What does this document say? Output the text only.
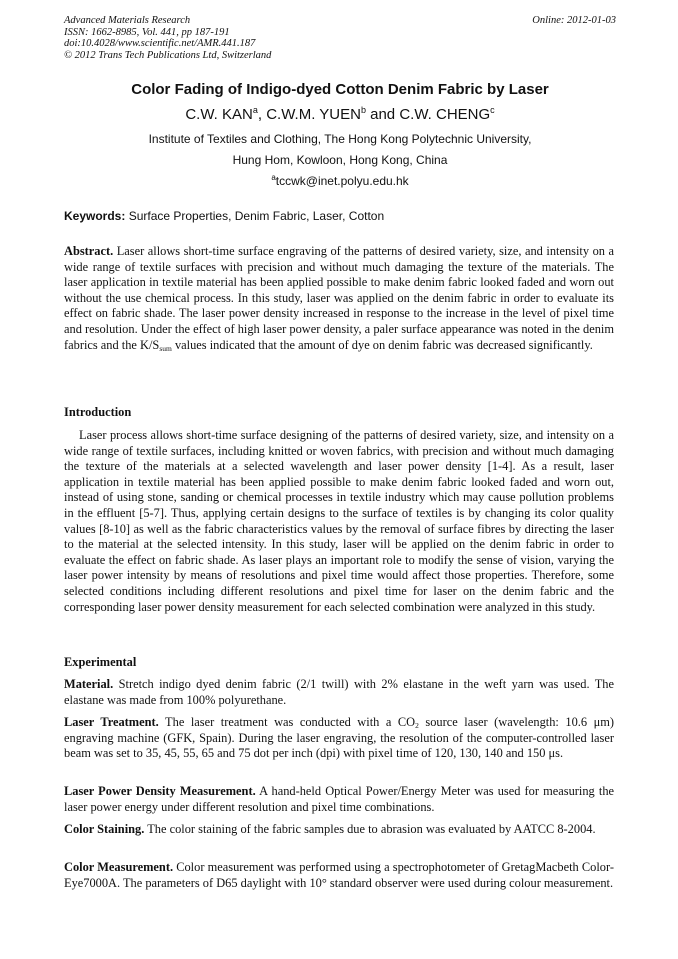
Advanced Materials Research
ISSN: 1662-8985, Vol. 441, pp 187-191
doi:10.4028/www.scientific.net/AMR.441.187
© 2012 Trans Tech Publications Ltd, Switzerland
Online: 2012-01-03
Color Fading of Indigo-dyed Cotton Denim Fabric by Laser
C.W. KAN$^a$, C.W.M. YUEN$^b$ and C.W. CHENG$^c$
Institute of Textiles and Clothing, The Hong Kong Polytechnic University,
Hung Hom, Kowloon, Hong Kong, China
$^a$tccwk@inet.polyu.edu.hk
Keywords: Surface Properties, Denim Fabric, Laser, Cotton
Abstract. Laser allows short-time surface engraving of the patterns of desired variety, size, and intensity on a wide range of textile surfaces with precision and without much damaging the texture of the materials. The laser application in textile material has been applied possible to make denim fabric looked faded and worn out without the use chemical process. In this study, laser was applied on the denim fabric in order to evaluate its effect on fabric shade. The laser power density increased in response to the increase in the level of pixel time and resolution. Under the effect of high laser power density, a paler surface appearance was noted in the denim fabrics and the $K/S_{sum}$ values indicated that the amount of dye on denim fabric was decreased significantly.
Introduction
Laser process allows short-time surface designing of the patterns of desired variety, size, and intensity on a wide range of textile surfaces, including knitted or woven fabrics, with precision and without much damaging the texture of the materials at a selected wavelength and laser power density [1-4]. As a result, laser application in textile material has been applied possible to make denim fabric looked faded and worn out, instead of using stone, sanding or chemical processes in textile industry which may cause pollution problems in the effluent [5-7]. Thus, applying certain designs to the surface of textiles is by changing its color quality values [8-10] as well as the fabric characteristics values by the removal of surface fibres by directing the laser to the material at the selected intensity. In this study, laser will be applied on the denim fabric in order to evaluate the effect on fabric shade. As laser plays an important role to modify the sense of vision, varying the laser power intensity by means of resolutions and pixel time would affect those properties. Therefore, some selected conditions including different resolutions and pixel time for laser on the denim fabric and the corresponding laser power density measurement for each selected combination were analyzed in this study.
Experimental
Material. Stretch indigo dyed denim fabric (2/1 twill) with 2% elastane in the weft yarn was used. The elastane was made from 100% polyurethane.
Laser Treatment. The laser treatment was conducted with a $CO_2$ source laser (wavelength: 10.6 μm) engraving machine (GFK, Spain). During the laser engraving, the resolution of the computer-controlled laser beam was set to 35, 45, 55, 65 and 75 dot per inch (dpi) with pixel time of 120, 130, 140 and 150 μs.
Laser Power Density Measurement. A hand-held Optical Power/Energy Meter was used for measuring the laser power energy under different resolution and pixel time combinations.
Color Staining. The color staining of the fabric samples due to abrasion was evaluated by AATCC 8-2004.
Color Measurement. Color measurement was performed using a spectrophotometer of GretagMacbeth Color-Eye7000A. The parameters of D65 daylight with 10° standard observer were used during colour measurement.
